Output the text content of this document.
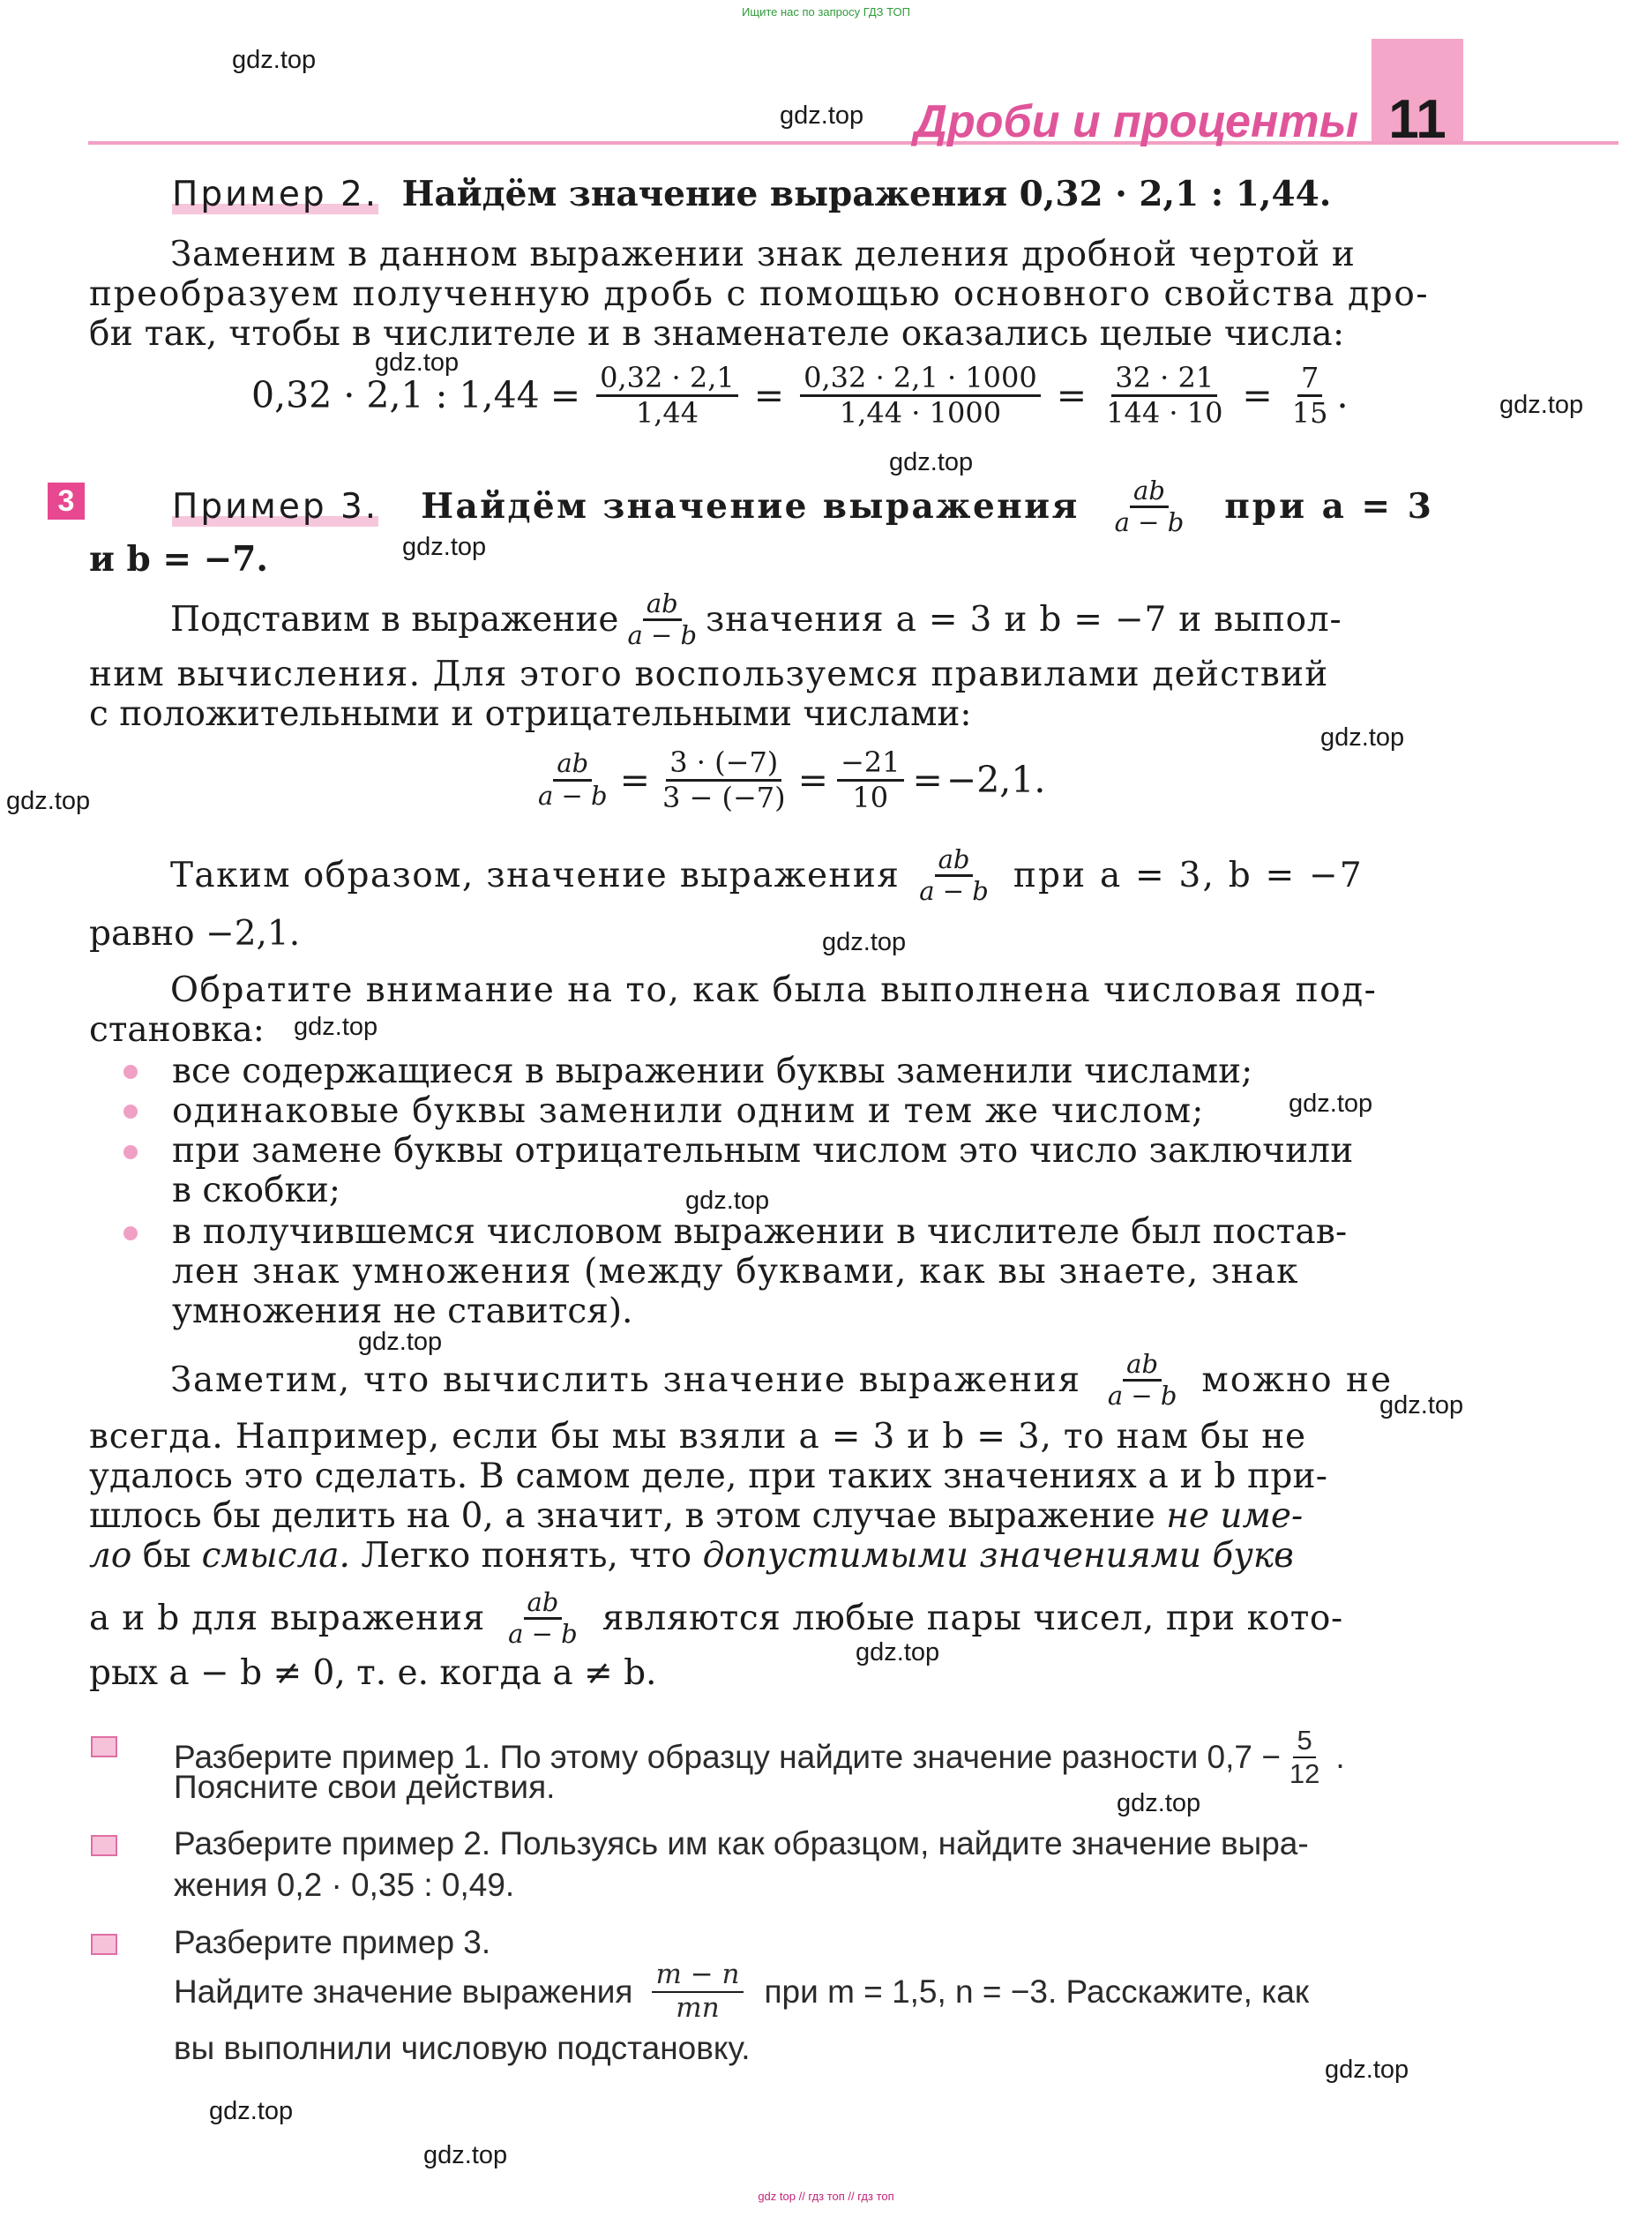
Ищите нас по запросу ГДЗ ТОП
Дроби и проценты 11
gdz.top
gdz.top
gdz.top
gdz.top
gdz.top
gdz.top
gdz.top
gdz.top
gdz.top
gdz.top
gdz.top
gdz.top
gdz.top
gdz.top
gdz.top
gdz.top
gdz.top
gdz.top
gdz.top
Пример 2. Найдём значение выражения 0,32 · 2,1 : 1,44.
Заменим в данном выражении знак деления дробной чертой и
преобразуем полученную дробь с помощью основного свойства дро-
би так, чтобы в числителе и в знаменателе оказались целые числа:
0,32 · 2,1 : $1,44 = \frac{0,32 \cdot 2,1}{1,44} = \frac{0,32 \cdot 2,1 \cdot 1000}{1,44 \cdot 1000} = \frac{32 \cdot 21}{144 \cdot 10} = \frac{7}{15}$ .
3	Пример 3. Найдём значение выражения $\frac{ab}{a - b}$ при a = 3
и b = −7.
Подставим в выражение $\frac{ab}{a - b}$ значения a = 3 и b = −7 и выпол-
ним вычисления. Для этого воспользуемся правилами действий
с положительными и отрицательными числами:
$\frac{ab}{a - b} = \frac{3 \cdot (-7)}{3 - (-7)} = \frac{-21}{10} = -2,1$.
Таким образом, значение выражения $\frac{ab}{a - b}$ при a = 3, b = −7
равно −2,1.
Обратите внимание на то, как была выполнена числовая под-
становка:
все содержащиеся в выражении буквы заменили числами;
одинаковые буквы заменили одним и тем же числом;
при замене буквы отрицательным числом это число заключили
в скобки;
в получившемся числовом выражении в числителе был постав-
лен знак умножения (между буквами, как вы знаете, знак
умножения не ставится).
Заметим, что вычислить значение выражения $\frac{ab}{a - b}$ можно не
всегда. Например, если бы мы взяли a = 3 и b = 3, то нам бы не
удалось это сделать. В самом деле, при таких значениях a и b при-
шлось бы делить на 0, а значит, в этом случае выражение не име-
ло бы смысла. Легко понять, что допустимыми значениями букв
a и b для выражения $\frac{ab}{a - b}$ являются любые пары чисел, при кото-
рых a − b ≠ 0, т. е. когда a ≠ b.
Разберите пример 1. По этому образцу найдите значение разности $0,7 - \frac{5}{12}$ .
Поясните свои действия.
Разберите пример 2. Пользуясь им как образцом, найдите значение выра-
жения 0,2 · 0,35 : 0,49.
Разберите пример 3.
Найдите значение выражения $\frac{m - n}{mn}$ при m = 1,5, n = −3. Расскажите, как
вы выполнили числовую подстановку.
gdz top // гдз топ // гдз топ
